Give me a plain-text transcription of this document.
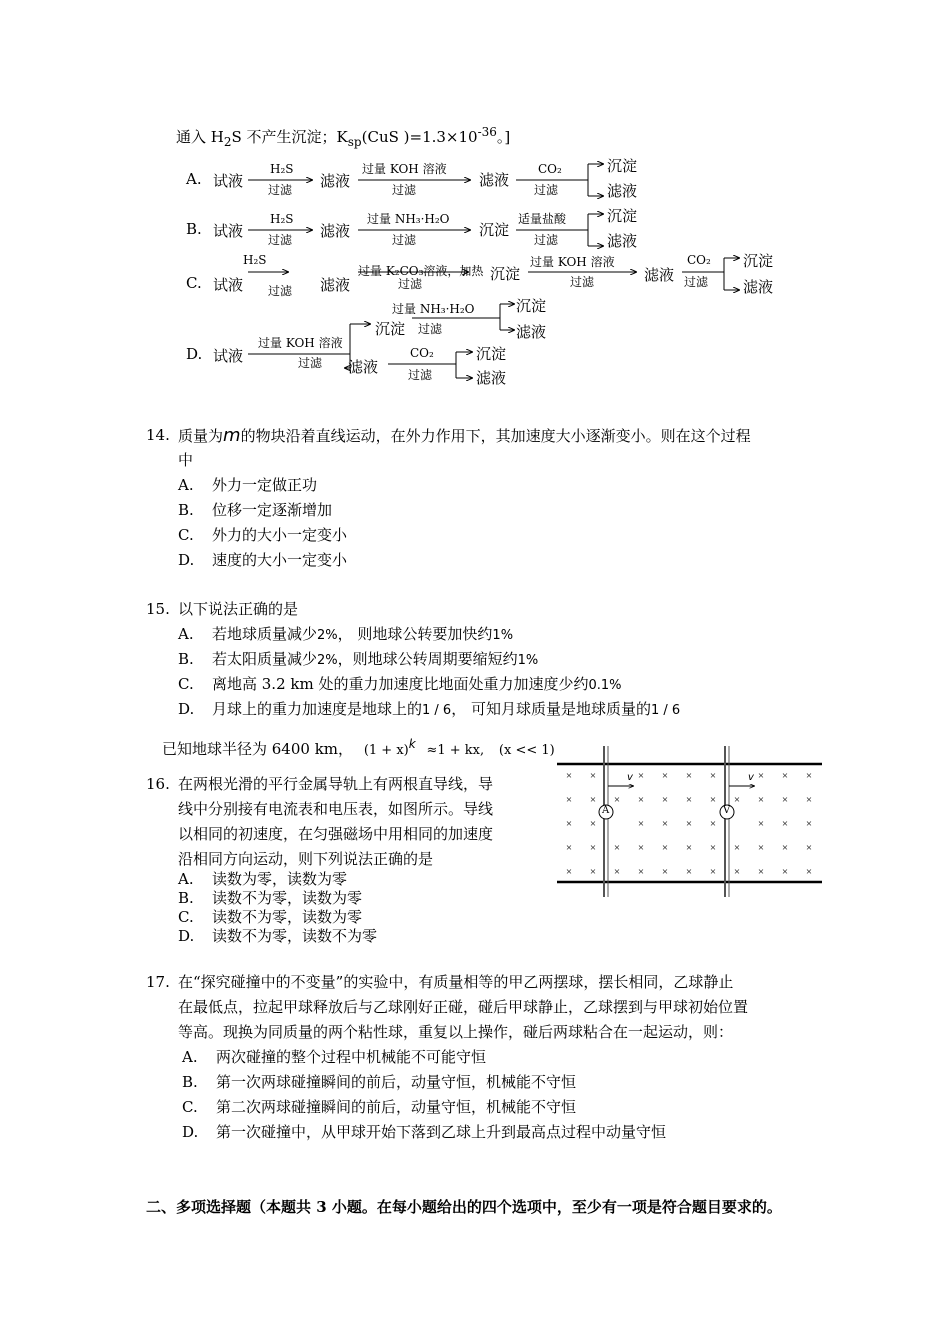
通入 $H_2S$ 不产生沉淀；$K_{sp}(CuS$ )$=1.3\times 10^{-36}$。]
A. 试液
H₂S
过滤 滤液
过量 KOH 溶液
过滤
滤液
CO₂
过滤
沉淀
滤液
B. 试液
H₂S
过滤 滤液
过量 NH₃·H₂O
过滤
沉淀
适量盐酸
过滤
沉淀
滤液
C. 试液
H₂S
过滤 滤液
过量 K₂CO₃溶液，加热
过滤
沉淀
过量 KOH 溶液
过滤	滤液
CO₂
过滤
沉淀
滤液
D. 试液
过量 KOH 溶液
过滤
沉淀
过量 NH₃·H₂O
过滤
沉淀
滤液
滤液
CO₂
过滤
沉淀
滤液
14. 质量为m的物块沿着直线运动，在外力作用下，其加速度大小逐渐变小。则在这个过程
中
A. 外力一定做正功
B. 位移一定逐渐增加
C. 外力的大小一定变小
D. 速度的大小一定变小
15. 以下说法正确的是
A. 若地球质量减少2%， 则地球公转要加快约1%
B. 若太阳质量减少2%，则地球公转周期要缩短约1%
C. 离地高 3.2 km 处的重力加速度比地面处重力加速度少约0.1%
D. 月球上的重力加速度是地球上的1 / 6， 可知月球质量是地球质量的1 / 6
已知地球半径为 6400 km， $(1 + x)^k \approx 1$ + kx, (x << 1)
16. 在两根光滑的平行金属导轨上有两根直导线，导
线中分别接有电流表和电压表，如图所示。导线
以相同的初速度，在匀强磁场中用相同的加速度
沿相同方向运动，则下列说法正确的是
A. 读数为零，读数为零
B. 读数不为零，读数为零
C. 读数不为零，读数为零
D. 读数不为零，读数不为零
× ×	× × × ×	× × ×
× × × × × × × × × × ×
× ×	× × × ×	× × ×
× × × × × × × × × × ×
× × × × × × × × × × ×
A	V
v	v
17. 在“探究碰撞中的不变量”的实验中，有质量相等的甲乙两摆球，摆长相同，乙球静止
在最低点，拉起甲球释放后与乙球刚好正碰，碰后甲球静止，乙球摆到与甲球初始位置
等高。现换为同质量的两个粘性球，重复以上操作，碰后两球粘合在一起运动，则：
A. 两次碰撞的整个过程中机械能不可能守恒
B. 第一次两球碰撞瞬间的前后，动量守恒，机械能不守恒
C. 第二次两球碰撞瞬间的前后，动量守恒，机械能不守恒
D. 第一次碰撞中，从甲球开始下落到乙球上升到最高点过程中动量守恒
二、多项选择题（本题共 3 小题。在每小题给出的四个选项中，至少有一项是符合题目要求的。
